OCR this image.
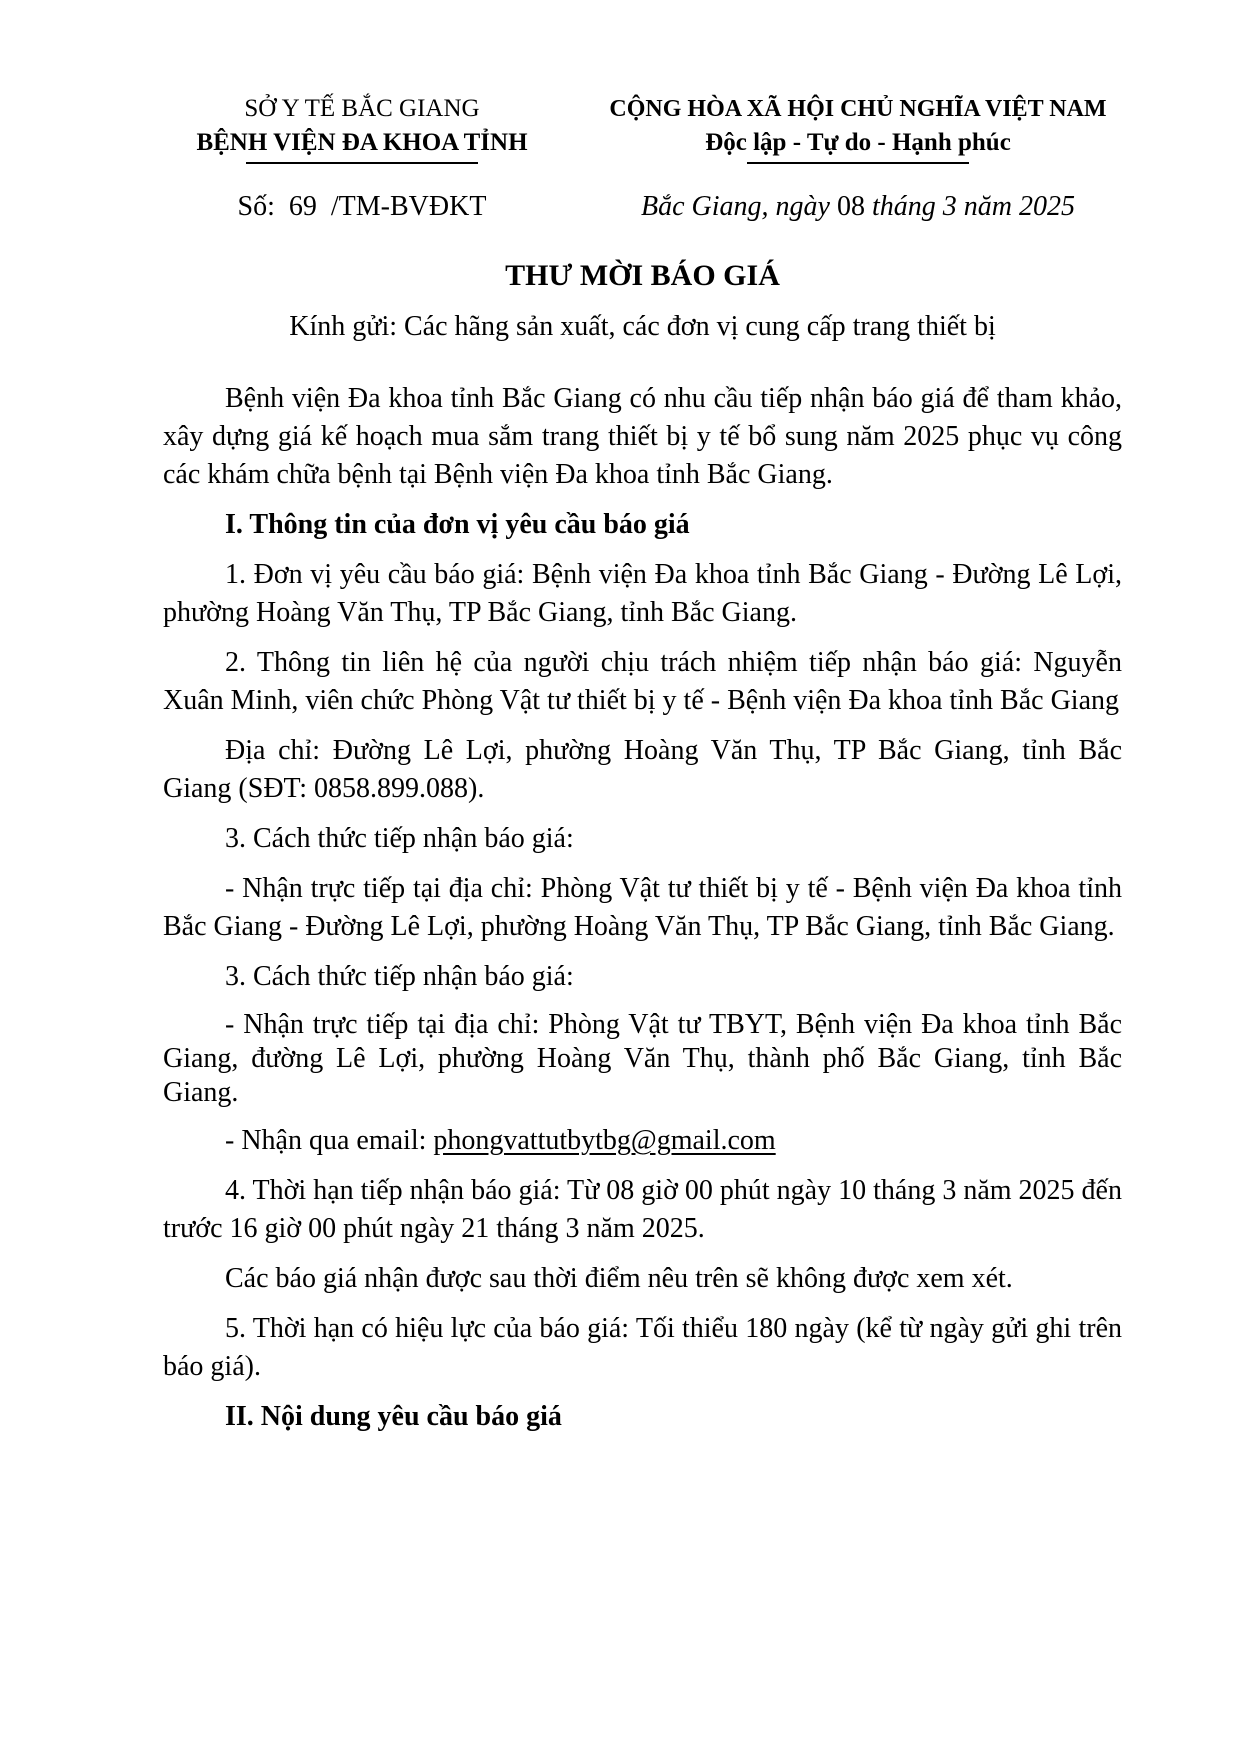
SỞ Y TẾ BẮC GIANG
BỆNH VIỆN ĐA KHOA TỈNH
Số: 69 /TM-BVĐKT
CỘNG HÒA XÃ HỘI CHỦ NGHĨA VIỆT NAM
Độc lập - Tự do - Hạnh phúc
Bắc Giang, ngày 08 tháng 3 năm 2025
THƯ MỜI BÁO GIÁ
Kính gửi: Các hãng sản xuất, các đơn vị cung cấp trang thiết bị

Bệnh viện Đa khoa tỉnh Bắc Giang có nhu cầu tiếp nhận báo giá để tham khảo, xây dựng giá kế hoạch mua sắm trang thiết bị y tế bổ sung năm 2025 phục vụ công các khám chữa bệnh tại Bệnh viện Đa khoa tỉnh Bắc Giang.

I. Thông tin của đơn vị yêu cầu báo giá

1. Đơn vị yêu cầu báo giá: Bệnh viện Đa khoa tỉnh Bắc Giang - Đường Lê Lợi, phường Hoàng Văn Thụ, TP Bắc Giang, tỉnh Bắc Giang.

2. Thông tin liên hệ của người chịu trách nhiệm tiếp nhận báo giá: Nguyễn Xuân Minh, viên chức Phòng Vật tư thiết bị y tế - Bệnh viện Đa khoa tỉnh Bắc Giang

Địa chỉ: Đường Lê Lợi, phường Hoàng Văn Thụ, TP Bắc Giang, tỉnh Bắc Giang (SĐT: 0858.899.088).

3. Cách thức tiếp nhận báo giá:

- Nhận trực tiếp tại địa chỉ: Phòng Vật tư thiết bị y tế - Bệnh viện Đa khoa tỉnh Bắc Giang - Đường Lê Lợi, phường Hoàng Văn Thụ, TP Bắc Giang, tỉnh Bắc Giang.

3. Cách thức tiếp nhận báo giá:

- Nhận trực tiếp tại địa chỉ: Phòng Vật tư TBYT, Bệnh viện Đa khoa tỉnh Bắc Giang, đường Lê Lợi, phường Hoàng Văn Thụ, thành phố Bắc Giang, tỉnh Bắc Giang.

- Nhận qua email: phongvattutbytbg@gmail.com

4. Thời hạn tiếp nhận báo giá: Từ 08 giờ 00 phút ngày 10 tháng 3 năm 2025 đến trước 16 giờ 00 phút ngày 21 tháng 3 năm 2025.

Các báo giá nhận được sau thời điểm nêu trên sẽ không được xem xét.

5. Thời hạn có hiệu lực của báo giá: Tối thiểu 180 ngày (kể từ ngày gửi ghi trên báo giá).

II. Nội dung yêu cầu báo giá
